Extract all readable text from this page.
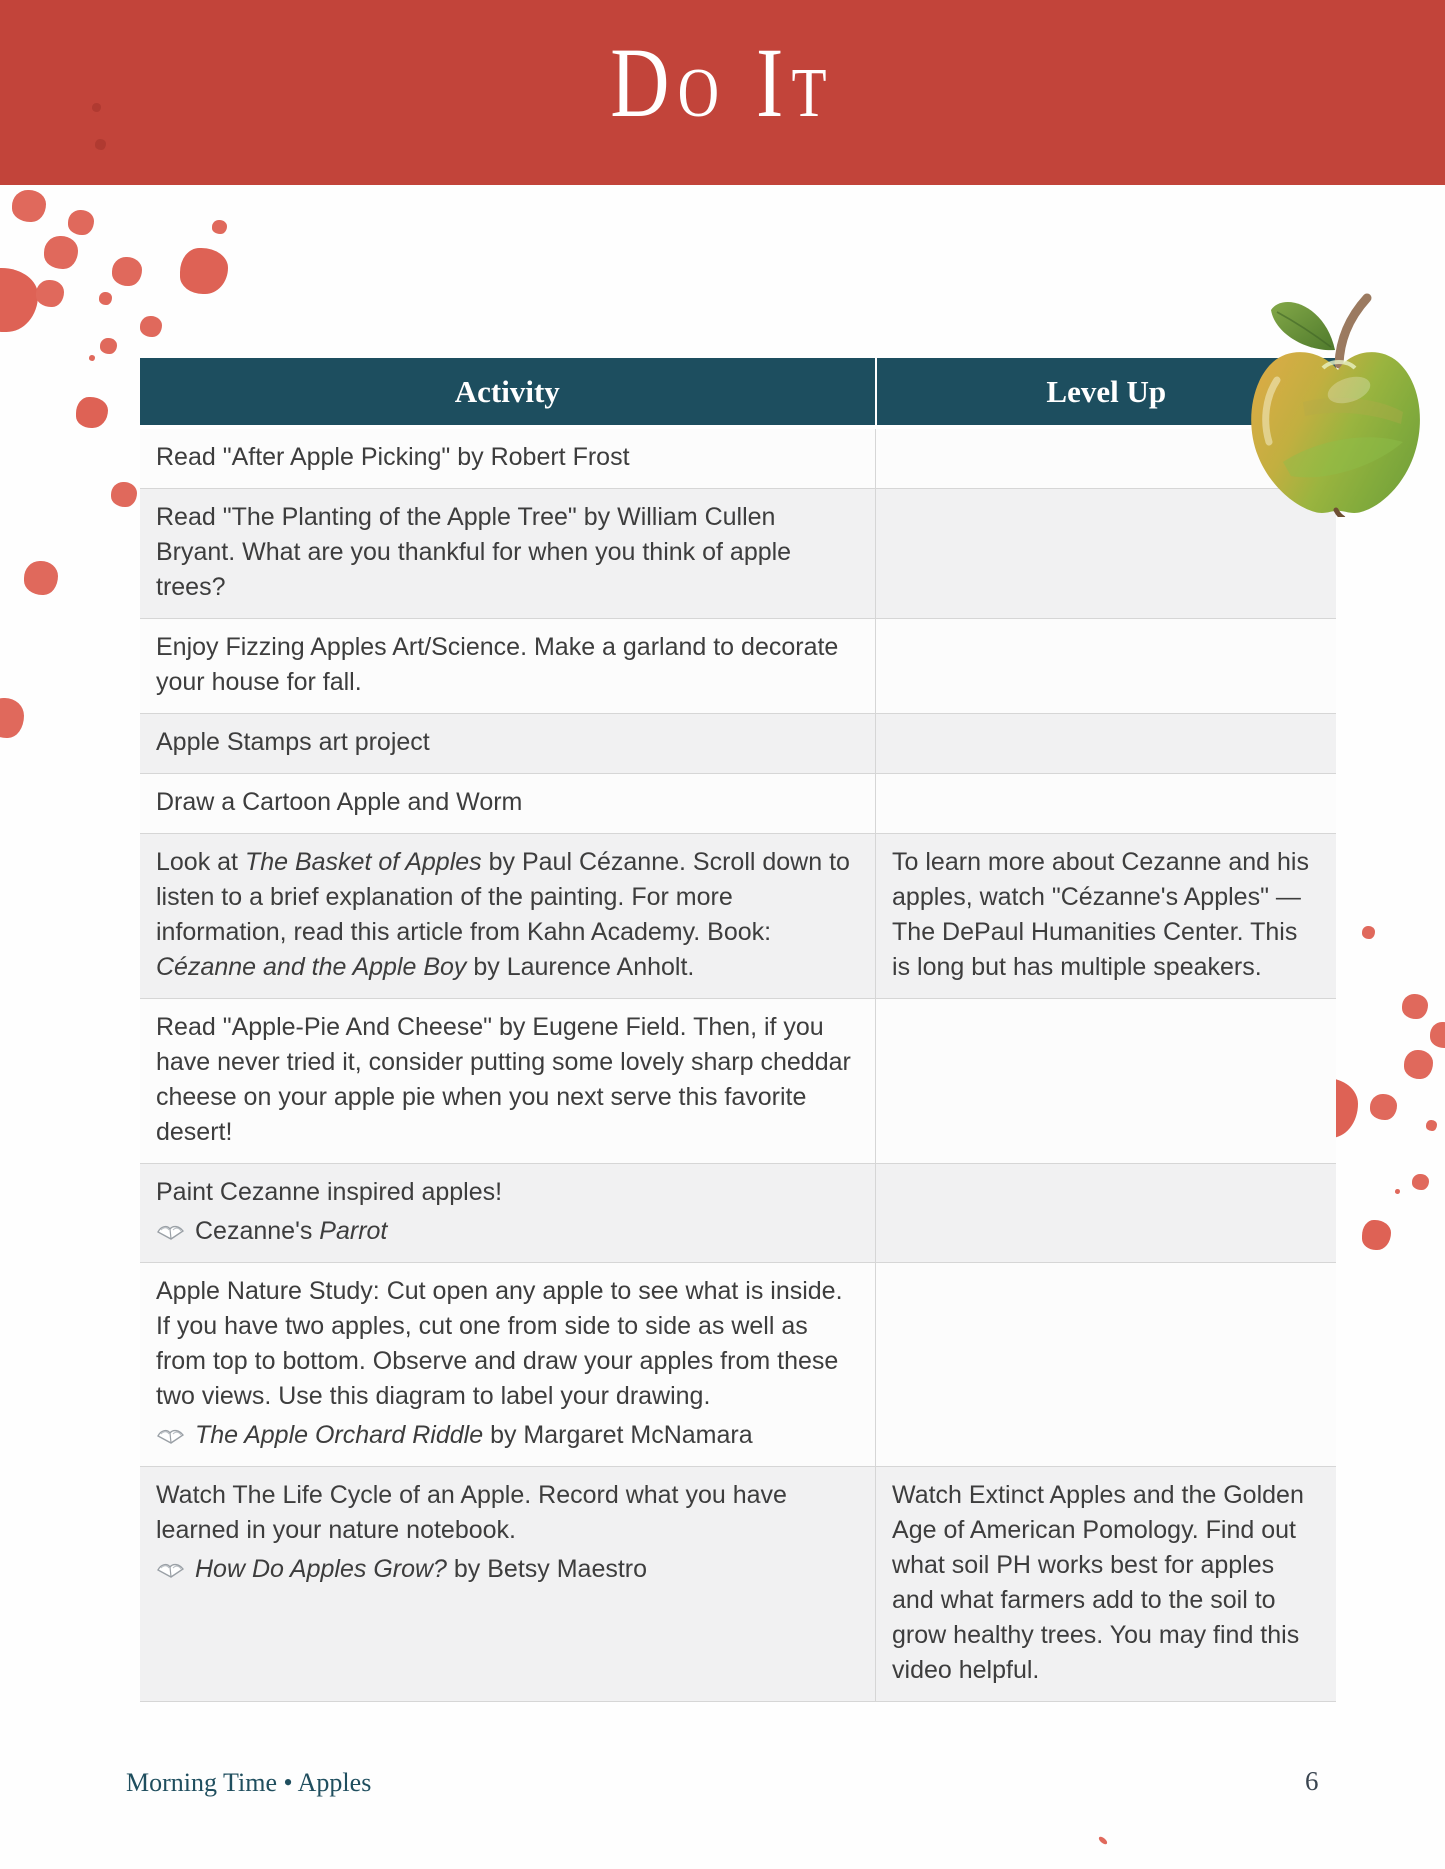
Do It
Activity	Level Up
Read "After Apple Picking" by Robert Frost	
Read "The Planting of the Apple Tree" by William Cullen Bryant. What are you thankful for when you think of apple trees?	
Enjoy Fizzing Apples Art/Science. Make a garland to decorate your house for fall.	
Apple Stamps art project	
Draw a Cartoon Apple and Worm	
Look at The Basket of Apples by Paul Cézanne. Scroll down to listen to a brief explanation of the painting. For more information, read this article from Kahn Academy. Book: Cézanne and the Apple Boy by Laurence Anholt.	To learn more about Cezanne and his apples, watch "Cézanne's Apples" — The DePaul Humanities Center. This is long but has multiple speakers.
Read "Apple-Pie And Cheese" by Eugene Field. Then, if you have never tried it, consider putting some lovely sharp cheddar cheese on your apple pie when you next serve this favorite desert!	

Paint Cezanne inspired apples!
Cezanne's Parrot	

Apple Nature Study: Cut open any apple to see what is inside. If you have two apples, cut one from side to side as well as from top to bottom. Observe and draw your apples from these two views. Use this diagram to label your drawing.
The Apple Orchard Riddle by Margaret McNamara	

Watch The Life Cycle of an Apple. Record what you have learned in your nature notebook.
How Do Apples Grow? by Betsy Maestro	Watch Extinct Apples and the Golden Age of American Pomology. Find out what soil PH works best for apples and what farmers add to the soil to grow healthy trees. You may find this video helpful.
Morning Time • Apples	6
